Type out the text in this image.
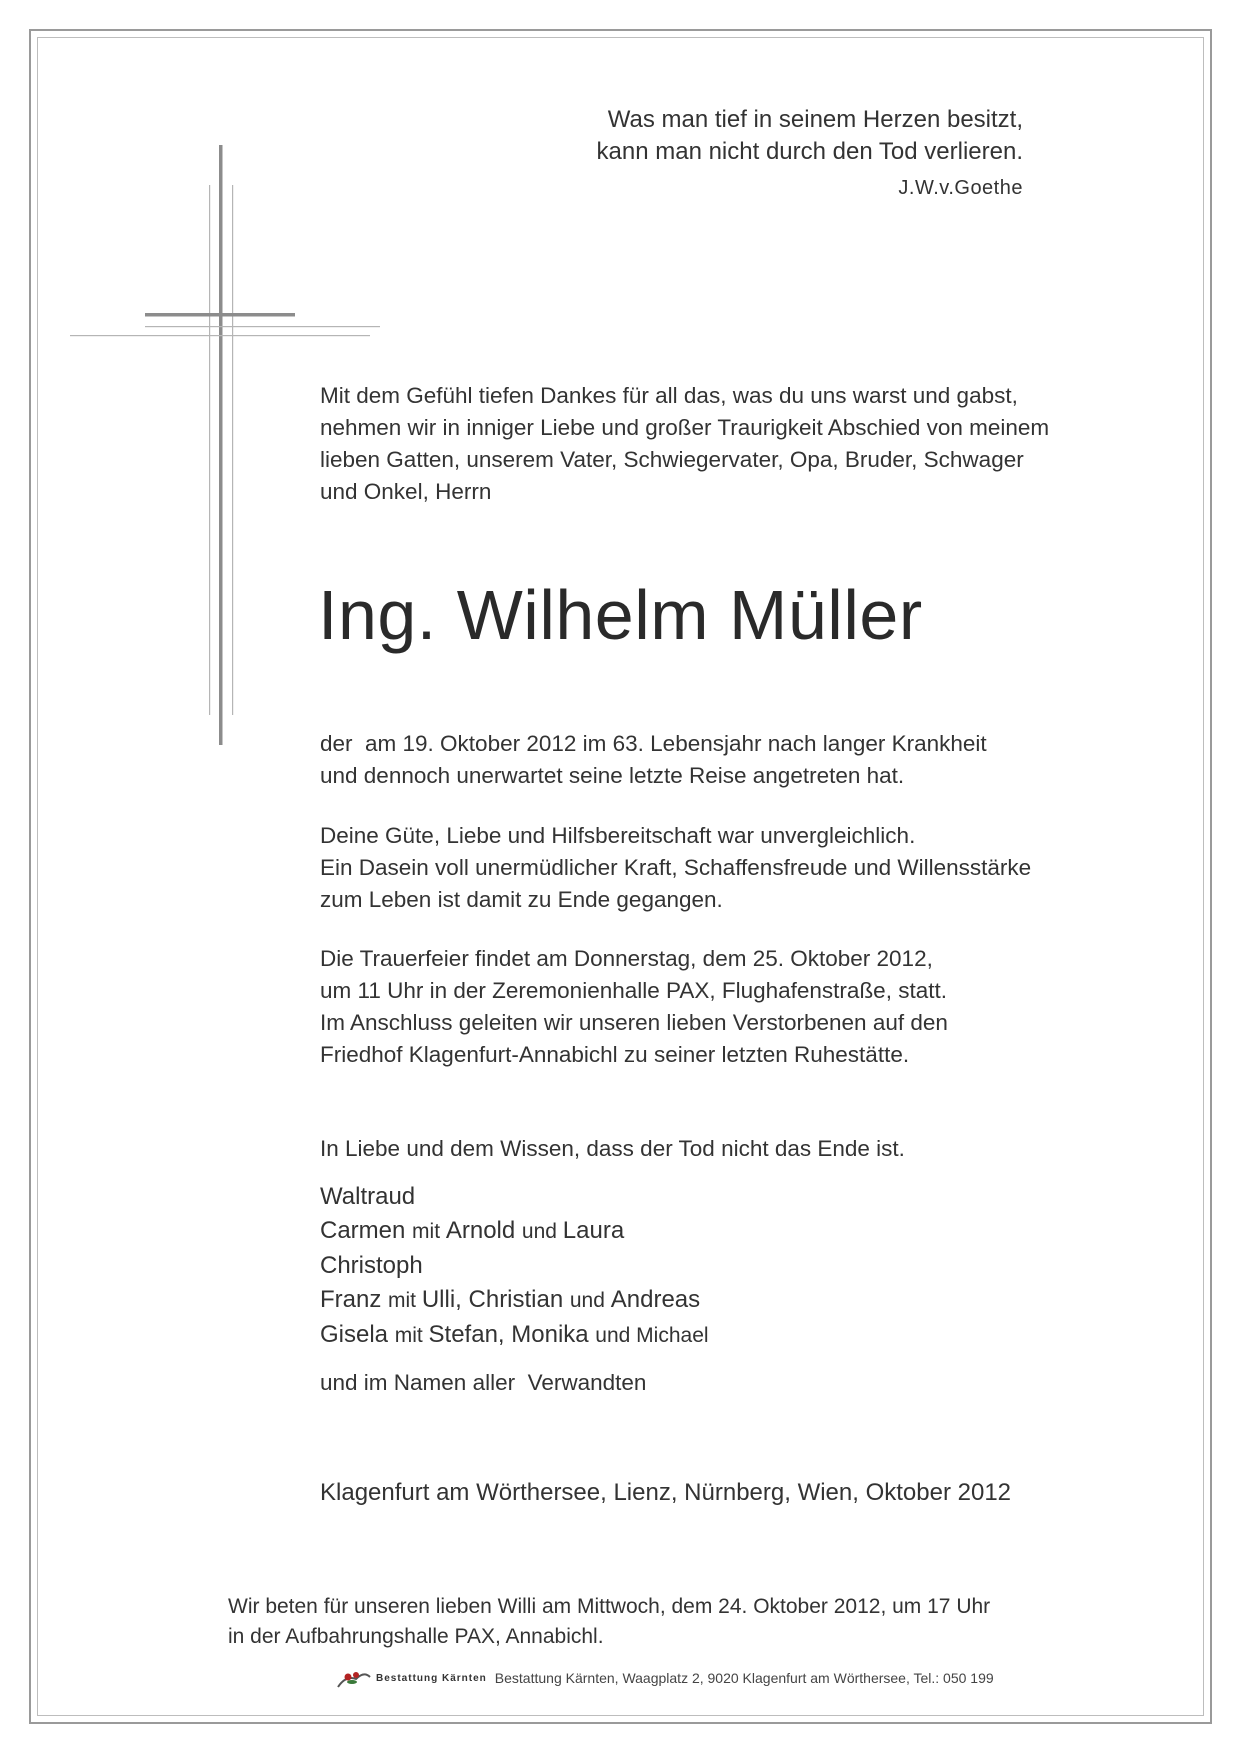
Was man tief in seinem Herzen besitzt,
kann man nicht durch den Tod verlieren.
J.W.v.Goethe
Mit dem Gefühl tiefen Dankes für all das, was du uns warst und gabst,
nehmen wir in inniger Liebe und großer Traurigkeit Abschied von meinem
lieben Gatten, unserem Vater, Schwiegervater, Opa, Bruder, Schwager
und Onkel, Herrn
Ing. Wilhelm Müller
der  am 19. Oktober 2012 im 63. Lebensjahr nach langer Krankheit
und dennoch unerwartet seine letzte Reise angetreten hat.
Deine Güte, Liebe und Hilfsbereitschaft war unvergleichlich.
Ein Dasein voll unermüdlicher Kraft, Schaffensfreude und Willensstärke
zum Leben ist damit zu Ende gegangen.
Die Trauerfeier findet am Donnerstag, dem 25. Oktober 2012,
um 11 Uhr in der Zeremonienhalle PAX, Flughafenstraße, statt.
Im Anschluss geleiten wir unseren lieben Verstorbenen auf den
Friedhof Klagenfurt-Annabichl zu seiner letzten Ruhestätte.
In Liebe und dem Wissen, dass der Tod nicht das Ende ist.
Waltraud
Carmen mit Arnold und Laura
Christoph
Franz mit Ulli, Christian und Andreas
Gisela mit Stefan, Monika und Michael
und im Namen aller  Verwandten
Klagenfurt am Wörthersee, Lienz, Nürnberg, Wien, Oktober 2012
Wir beten für unseren lieben Willi am Mittwoch, dem 24. Oktober 2012, um 17 Uhr
in der Aufbahrungshalle PAX, Annabichl.
Bestattung Kärnten Bestattung Kärnten, Waagplatz 2, 9020 Klagenfurt am Wörthersee, Tel.: 050 199
